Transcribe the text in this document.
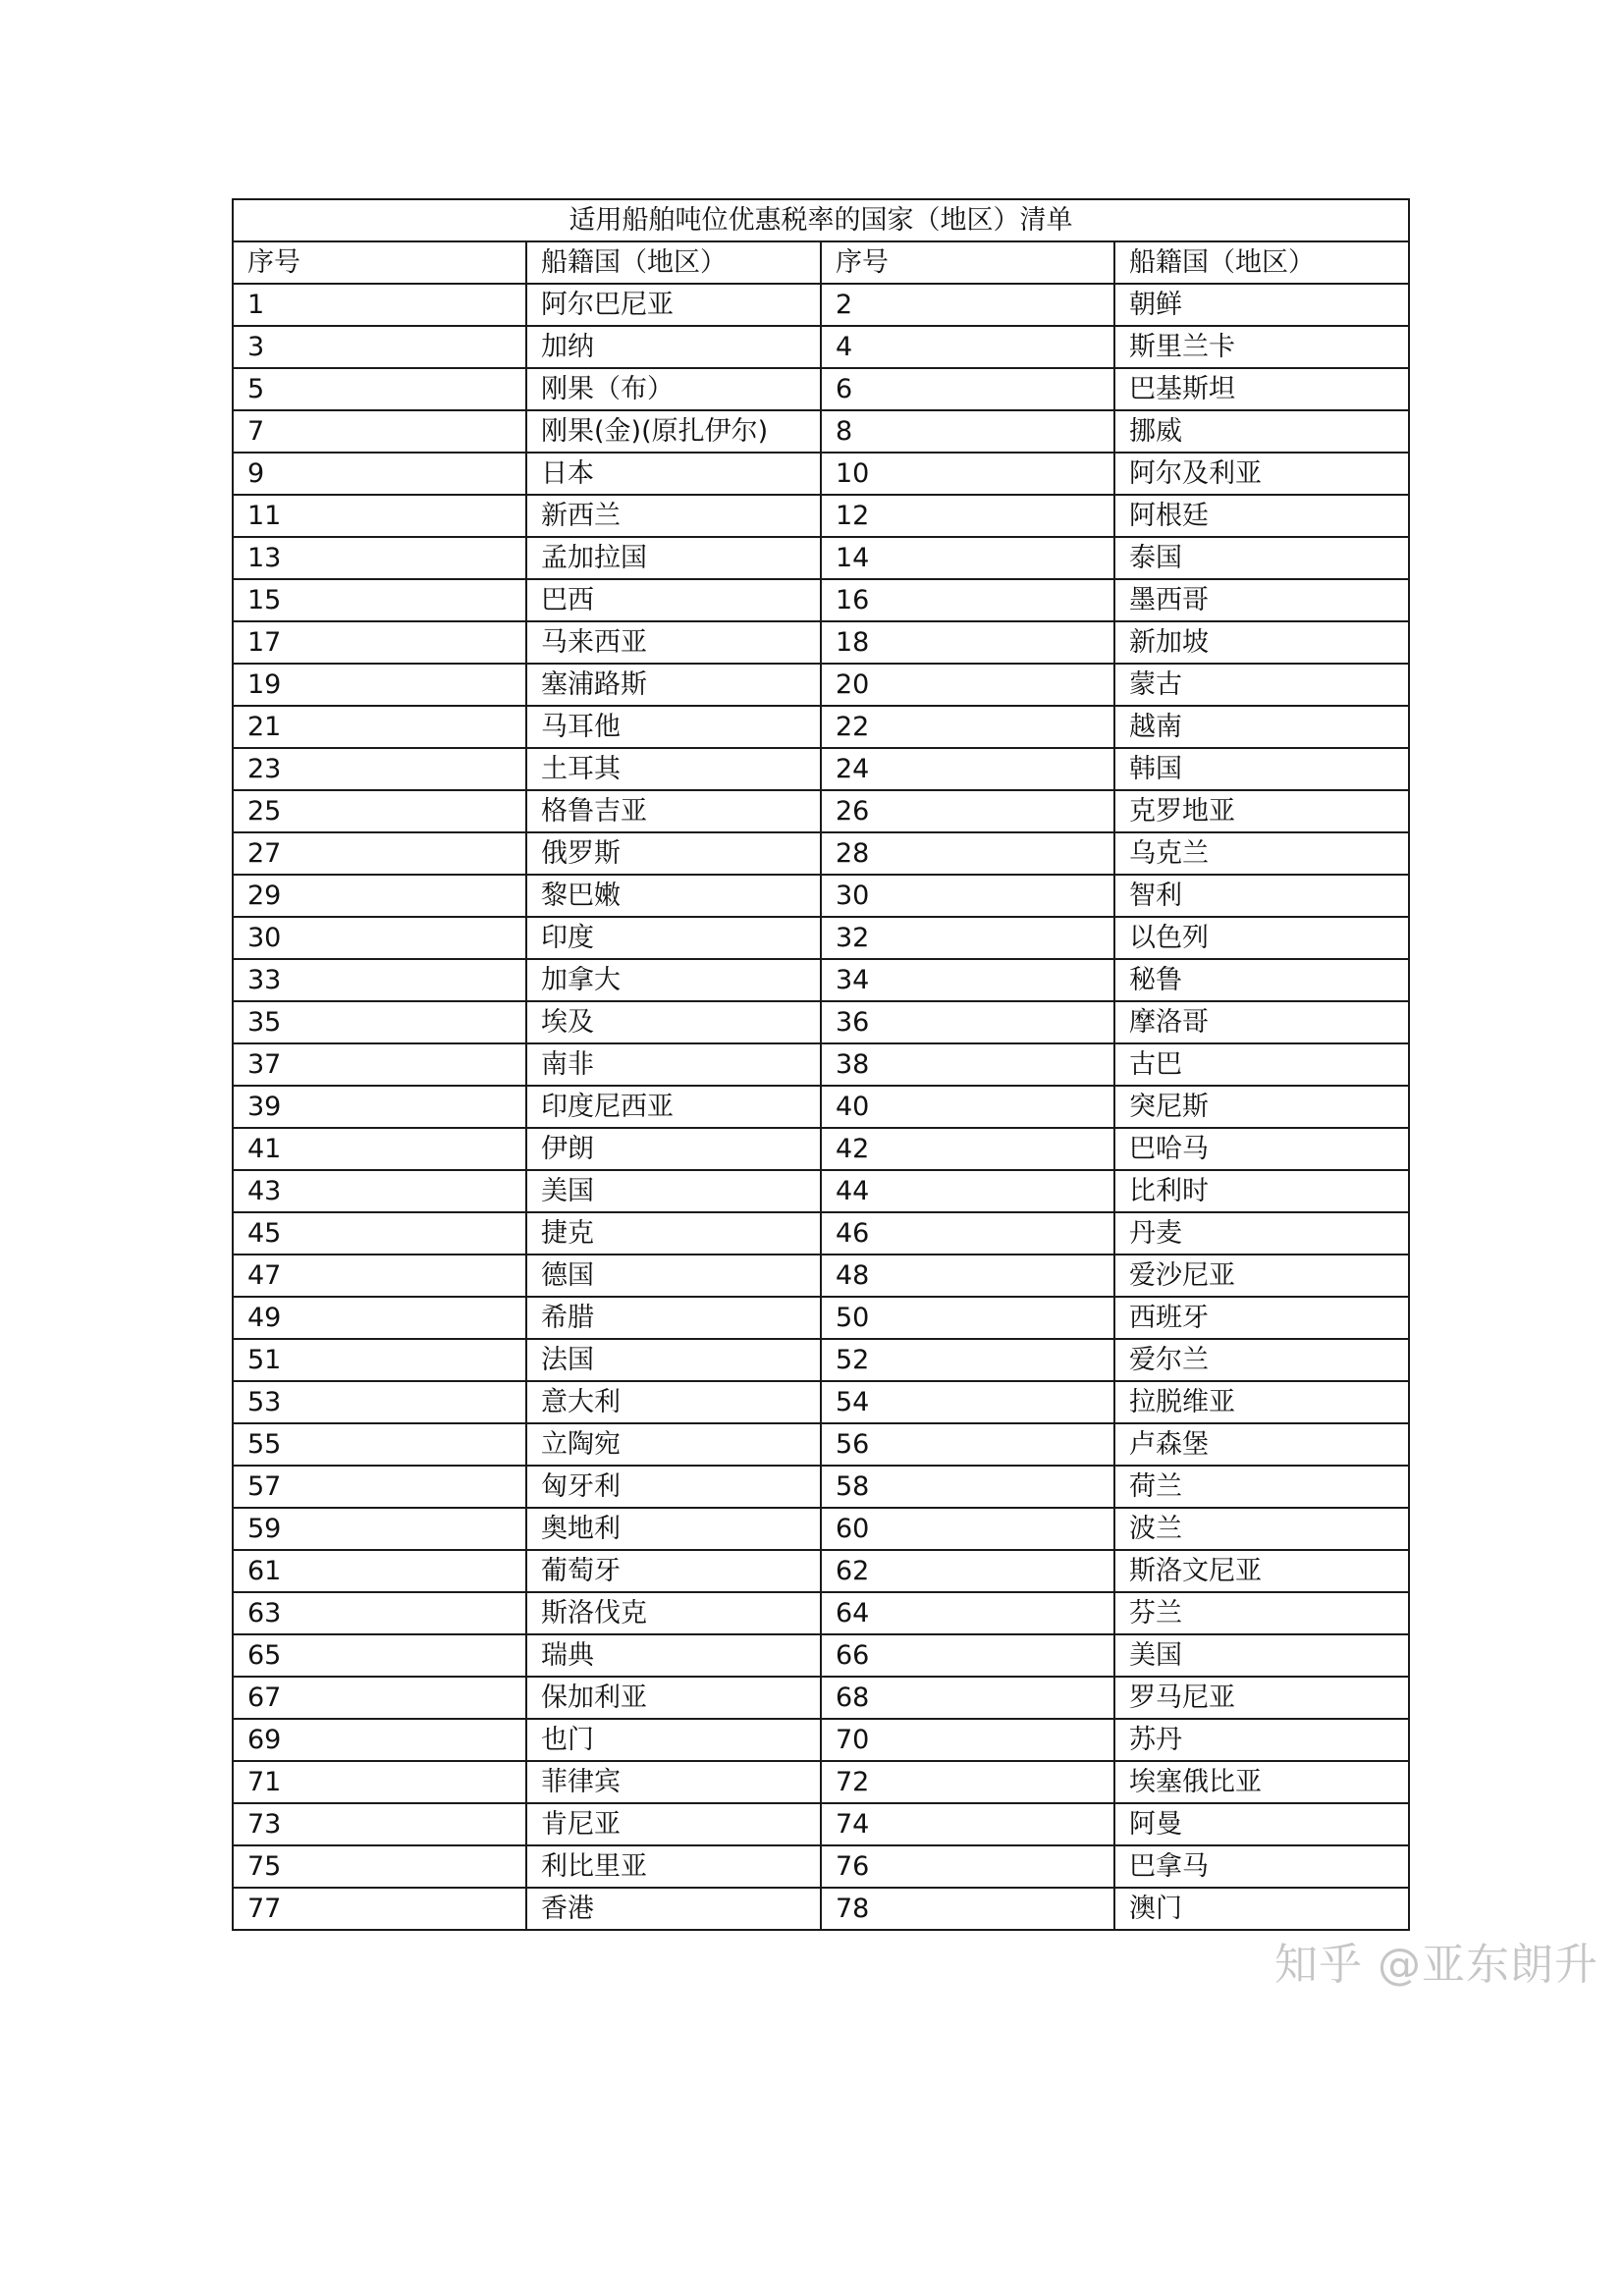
适用船舶吨位优惠税率的国家（地区）清单			
序号	船籍国（地区）	序号	船籍国（地区）
1	阿尔巴尼亚	2	朝鲜
3	加纳	4	斯里兰卡
5	刚果（布）	6	巴基斯坦
7	刚果(金)(原扎伊尔)	8	挪威
9	日本	10	阿尔及利亚
11	新西兰	12	阿根廷
13	孟加拉国	14	泰国
15	巴西	16	墨西哥
17	马来西亚	18	新加坡
19	塞浦路斯	20	蒙古
21	马耳他	22	越南
23	土耳其	24	韩国
25	格鲁吉亚	26	克罗地亚
27	俄罗斯	28	乌克兰
29	黎巴嫩	30	智利
30	印度	32	以色列
33	加拿大	34	秘鲁
35	埃及	36	摩洛哥
37	南非	38	古巴
39	印度尼西亚	40	突尼斯
41	伊朗	42	巴哈马
43	美国	44	比利时
45	捷克	46	丹麦
47	德国	48	爱沙尼亚
49	希腊	50	西班牙
51	法国	52	爱尔兰
53	意大利	54	拉脱维亚
55	立陶宛	56	卢森堡
57	匈牙利	58	荷兰
59	奥地利	60	波兰
61	葡萄牙	62	斯洛文尼亚
63	斯洛伐克	64	芬兰
65	瑞典	66	美国
67	保加利亚	68	罗马尼亚
69	也门	70	苏丹
71	菲律宾	72	埃塞俄比亚
73	肯尼亚	74	阿曼
75	利比里亚	76	巴拿马
77	香港	78	澳门
知乎 @亚东朗升
